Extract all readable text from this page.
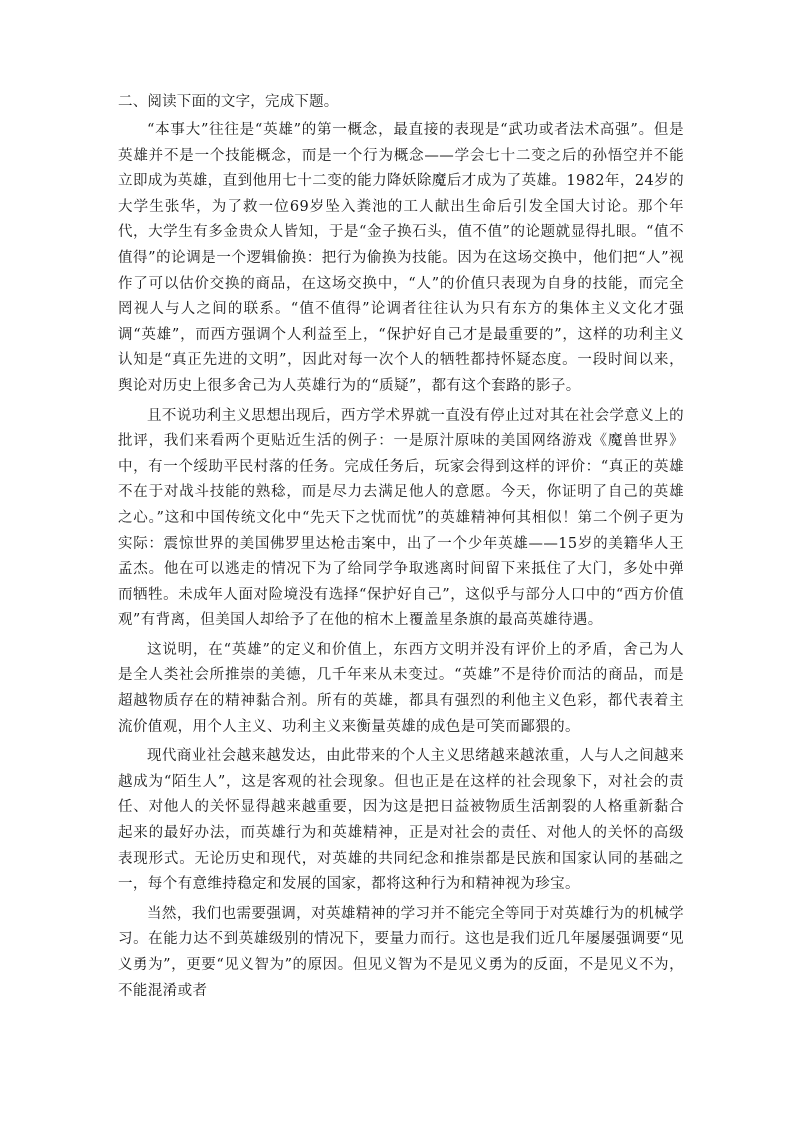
二、阅读下面的文字，完成下题。

“本事大”往往是“英雄”的第一概念，最直接的表现是“武功或者法术高强”。但是英雄并不是一个技能概念，而是一个行为概念——学会七十二变之后的孙悟空并不能立即成为英雄，直到他用七十二变的能力降妖除魔后才成为了英雄。1982年，24岁的大学生张华，为了救一位69岁坠入粪池的工人献出生命后引发全国大讨论。那个年代，大学生有多金贵众人皆知，于是“金子换石头，值不值”的论题就显得扎眼。“值不值得”的论调是一个逻辑偷换：把行为偷换为技能。因为在这场交换中，他们把“人”视作了可以估价交换的商品，在这场交换中，“人”的价值只表现为自身的技能，而完全罔视人与人之间的联系。“值不值得”论调者往往认为只有东方的集体主义文化才强调“英雄”，而西方强调个人利益至上，“保护好自己才是最重要的”，这样的功利主义认知是“真正先进的文明”，因此对每一次个人的牺牲都持怀疑态度。一段时间以来，舆论对历史上很多舍己为人英雄行为的“质疑”，都有这个套路的影子。

且不说功利主义思想出现后，西方学术界就一直没有停止过对其在社会学意义上的批评，我们来看两个更贴近生活的例子：一是原汁原味的美国网络游戏《魔兽世界》中，有一个绥助平民村落的任务。完成任务后，玩家会得到这样的评价：“真正的英雄不在于对战斗技能的熟稔，而是尽力去满足他人的意愿。今天，你证明了自己的英雄之心。”这和中国传统文化中“先天下之忧而忧”的英雄精神何其相似！第二个例子更为实际：震惊世界的美国佛罗里达枪击案中，出了一个少年英雄——15岁的美籍华人王孟杰。他在可以逃走的情况下为了给同学争取逃离时间留下来抵住了大门，多处中弹而牺牲。未成年人面对险境没有选择“保护好自己”，这似乎与部分人口中的“西方价值观”有背离，但美国人却给予了在他的棺木上覆盖星条旗的最高英雄待遇。

这说明，在“英雄”的定义和价值上，东西方文明并没有评价上的矛盾，舍己为人是全人类社会所推崇的美德，几千年来从未变过。“英雄”不是待价而沽的商品，而是超越物质存在的精神黏合剂。所有的英雄，都具有强烈的利他主义色彩，都代表着主流价值观，用个人主义、功利主义来衡量英雄的成色是可笑而鄙猥的。

现代商业社会越来越发达，由此带来的个人主义思绪越来越浓重，人与人之间越来越成为“陌生人”，这是客观的社会现象。但也正是在这样的社会现象下，对社会的责任、对他人的关怀显得越来越重要，因为这是把日益被物质生活割裂的人格重新黏合起来的最好办法，而英雄行为和英雄精神，正是对社会的责任、对他人的关怀的高级表现形式。无论历史和现代，对英雄的共同纪念和推崇都是民族和国家认同的基础之一，每个有意维持稳定和发展的国家，都将这种行为和精神视为珍宝。

当然，我们也需要强调，对英雄精神的学习并不能完全等同于对英雄行为的机械学习。在能力达不到英雄级别的情况下，要量力而行。这也是我们近几年屡屡强调要“见义勇为”，更要“见义智为”的原因。但见义智为不是见义勇为的反面，不是见义不为，不能混淆或者
